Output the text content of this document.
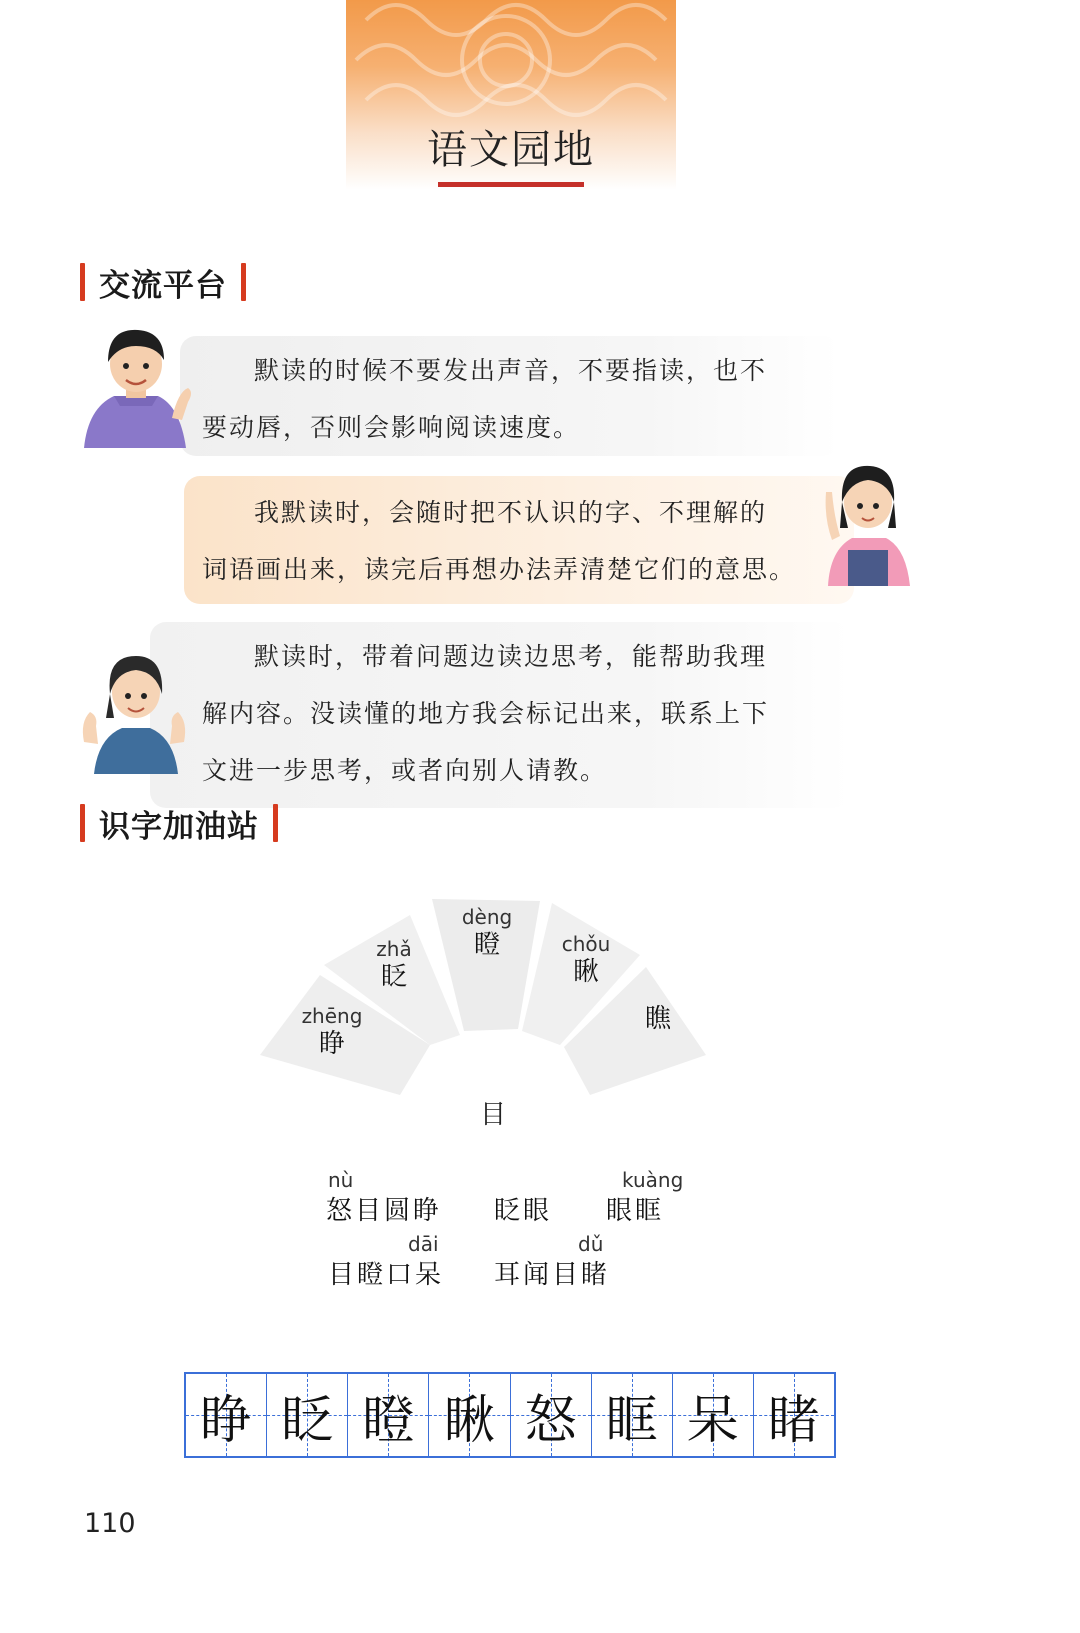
语文园地
交流平台

默读的时候不要发出声音，不要指读，也不

要动唇，否则会影响阅读速度。

我默读时，会随时把不认识的字、不理解的

词语画出来，读完后再想办法弄清楚它们的意思。

默读时，带着问题边读边思考，能帮助我理

解内容。没读懂的地方我会标记出来，联系上下

文进一步思考，或者向别人请教。

识字加油站
zhēng
睁
zhǎ
眨
dèng
瞪	chǒu
瞅
瞧
目
nù
怒目圆睁 眨眼
kuàng
眼眶
dāi
目瞪口呆
dǔ
耳闻目睹
睁 眨 瞪 瞅 怒 眶 呆 睹
110
